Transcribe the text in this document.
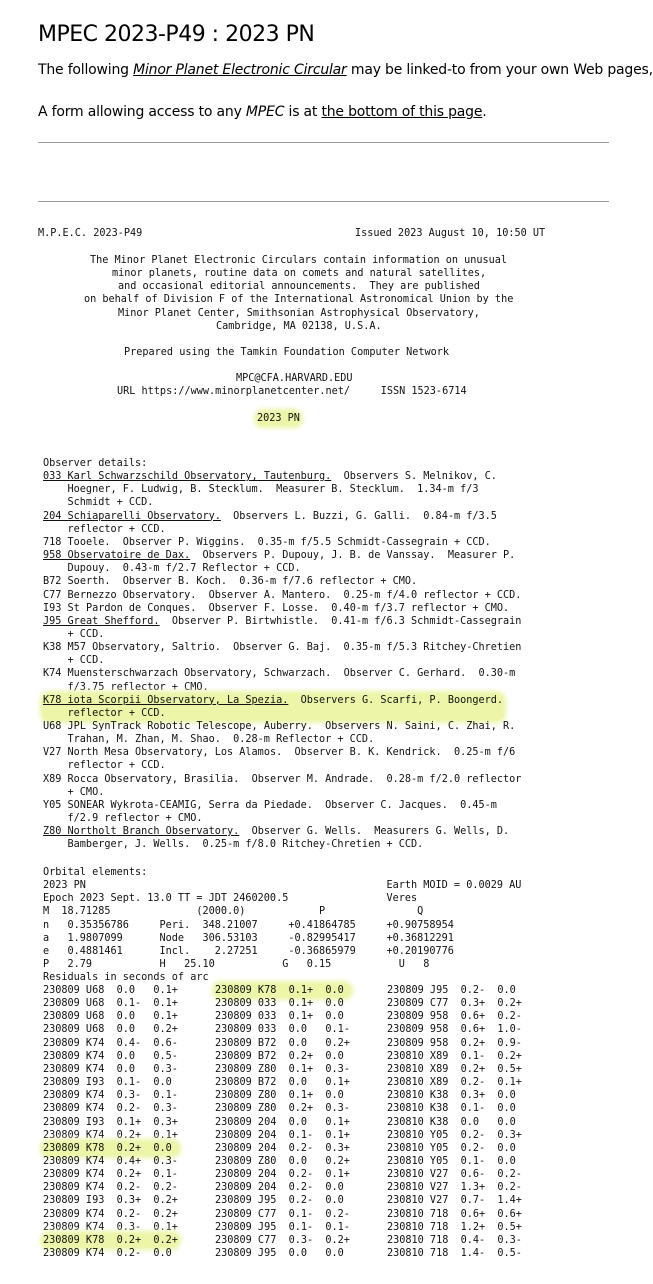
MPEC 2023-P49 : 2023 PN

The following Minor Planet Electronic Circular may be linked-to from your own Web pages,

A form allowing access to any MPEC is at the bottom of this page.

M.P.E.C. 2023-P49	Issued 2023 August 10, 10:50 UT
The Minor Planet Electronic Circulars contain information on unusual
minor planets, routine data on comets and natural satellites,
and occasional editorial announcements.  They are published
on behalf of Division F of the International Astronomical Union by the
Minor Planet Center, Smithsonian Astrophysical Observatory,
Cambridge, MA 02138, U.S.A.
Prepared using the Tamkin Foundation Computer Network
MPC@CFA.HARVARD.EDU
URL https://www.minorplanetcenter.net/     ISSN 1523-6714
2023 PN
Observer details:
033 Karl Schwarzschild Observatory, Tautenburg.  Observers S. Melnikov, C.
Hoegner, F. Ludwig, B. Stecklum.  Measurer B. Stecklum.  1.34-m f/3
Schmidt + CCD.
204 Schiaparelli Observatory.  Observers L. Buzzi, G. Galli.  0.84-m f/3.5
reflector + CCD.
718 Tooele.  Observer P. Wiggins.  0.35-m f/5.5 Schmidt-Cassegrain + CCD.
958 Observatoire de Dax.  Observers P. Dupouy, J. B. de Vanssay.  Measurer P.
Dupouy.  0.43-m f/2.7 Reflector + CCD.
B72 Soerth.  Observer B. Koch.  0.36-m f/7.6 reflector + CMO.
C77 Bernezzo Observatory.  Observer A. Mantero.  0.25-m f/4.0 reflector + CCD.
I93 St Pardon de Conques.  Observer F. Losse.  0.40-m f/3.7 reflector + CMO.
J95 Great Shefford.  Observer P. Birtwhistle.  0.41-m f/6.3 Schmidt-Cassegrain
+ CCD.
K38 M57 Observatory, Saltrio.  Observer G. Baj.  0.35-m f/5.3 Ritchey-Chretien
+ CCD.
K74 Muensterschwarzach Observatory, Schwarzach.  Observer C. Gerhard.  0.30-m
f/3.75 reflector + CMO.
K78 iota Scorpii Observatory, La Spezia.  Observers G. Scarfi, P. Boongerd.
reflector + CCD.
U68 JPL SynTrack Robotic Telescope, Auberry.  Observers N. Saini, C. Zhai, R.
Trahan, M. Zhan, M. Shao.  0.28-m Reflector + CCD.
V27 North Mesa Observatory, Los Alamos.  Observer B. K. Kendrick.  0.25-m f/6
reflector + CCD.
X89 Rocca Observatory, Brasilia.  Observer M. Andrade.  0.28-m f/2.0 reflector
+ CMO.
Y05 SONEAR Wykrota-CEAMIG, Serra da Piedade.  Observer C. Jacques.  0.45-m
f/2.9 reflector + CMO.
Z80 Northolt Branch Observatory.  Observer G. Wells.  Measurers G. Wells, D.
Bamberger, J. Wells.  0.25-m f/8.0 Ritchey-Chretien + CCD.
Orbital elements:
2023 PN                                                 Earth MOID = 0.0029 AU
Epoch 2023 Sept. 13.0 TT = JDT 2460200.5                Veres
M  18.71285              (2000.0)            P               Q
n   0.35356786     Peri.  348.21007     +0.41864785     +0.90758954
a   1.9807099      Node   306.53103     -0.82995417     +0.36812291
e   0.4881461      Incl.    2.27251     -0.36865979     +0.20190776
P   2.79           H   25.10           G   0.15           U   8
Residuals in seconds of arc
230809 U68  0.0   0.1+
230809 U68  0.1-  0.1+
230809 U68  0.0   0.1+
230809 U68  0.0   0.2+
230809 K74  0.4-  0.6-
230809 K74  0.0   0.5-
230809 K74  0.0   0.3-
230809 I93  0.1-  0.0
230809 K74  0.3-  0.1-
230809 K74  0.2-  0.3-
230809 I93  0.1+  0.3+
230809 K74  0.2+  0.1+
230809 K78  0.2+  0.0
230809 K74  0.4+  0.3-
230809 K74  0.2+  0.1-
230809 K74  0.2-  0.2-
230809 I93  0.3+  0.2+
230809 K74  0.2-  0.2+
230809 K74  0.3-  0.1+
230809 K78  0.2+  0.2+
230809 K74  0.2-  0.0
230809 K78  0.1+  0.0
230809 033  0.1+  0.0
230809 033  0.1+  0.0
230809 033  0.0   0.1-
230809 B72  0.0   0.2+
230809 B72  0.2+  0.0
230809 Z80  0.1+  0.3-
230809 B72  0.0   0.1+
230809 Z80  0.1+  0.0
230809 Z80  0.2+  0.3-
230809 204  0.0   0.1+
230809 204  0.1-  0.1+
230809 204  0.2-  0.3+
230809 Z80  0.0   0.2+
230809 204  0.2-  0.1+
230809 204  0.2-  0.0
230809 J95  0.2-  0.0
230809 C77  0.1-  0.2-
230809 J95  0.1-  0.1-
230809 C77  0.3-  0.2+
230809 J95  0.0   0.0
230809 J95  0.2-  0.0
230809 C77  0.3+  0.2+
230809 958  0.6+  0.2-
230809 958  0.6+  1.0-
230809 958  0.2+  0.9-
230810 X89  0.1-  0.2+
230810 X89  0.2+  0.5+
230810 X89  0.2-  0.1+
230810 K38  0.3+  0.0
230810 K38  0.1-  0.0
230810 K38  0.0   0.0
230810 Y05  0.2-  0.3+
230810 Y05  0.2-  0.0
230810 Y05  0.1-  0.0
230810 V27  0.6-  0.2-
230810 V27  1.3+  0.2-
230810 V27  0.7-  1.4+
230810 718  0.6+  0.6+
230810 718  1.2+  0.5+
230810 718  0.4-  0.3-
230810 718  1.4-  0.5-
